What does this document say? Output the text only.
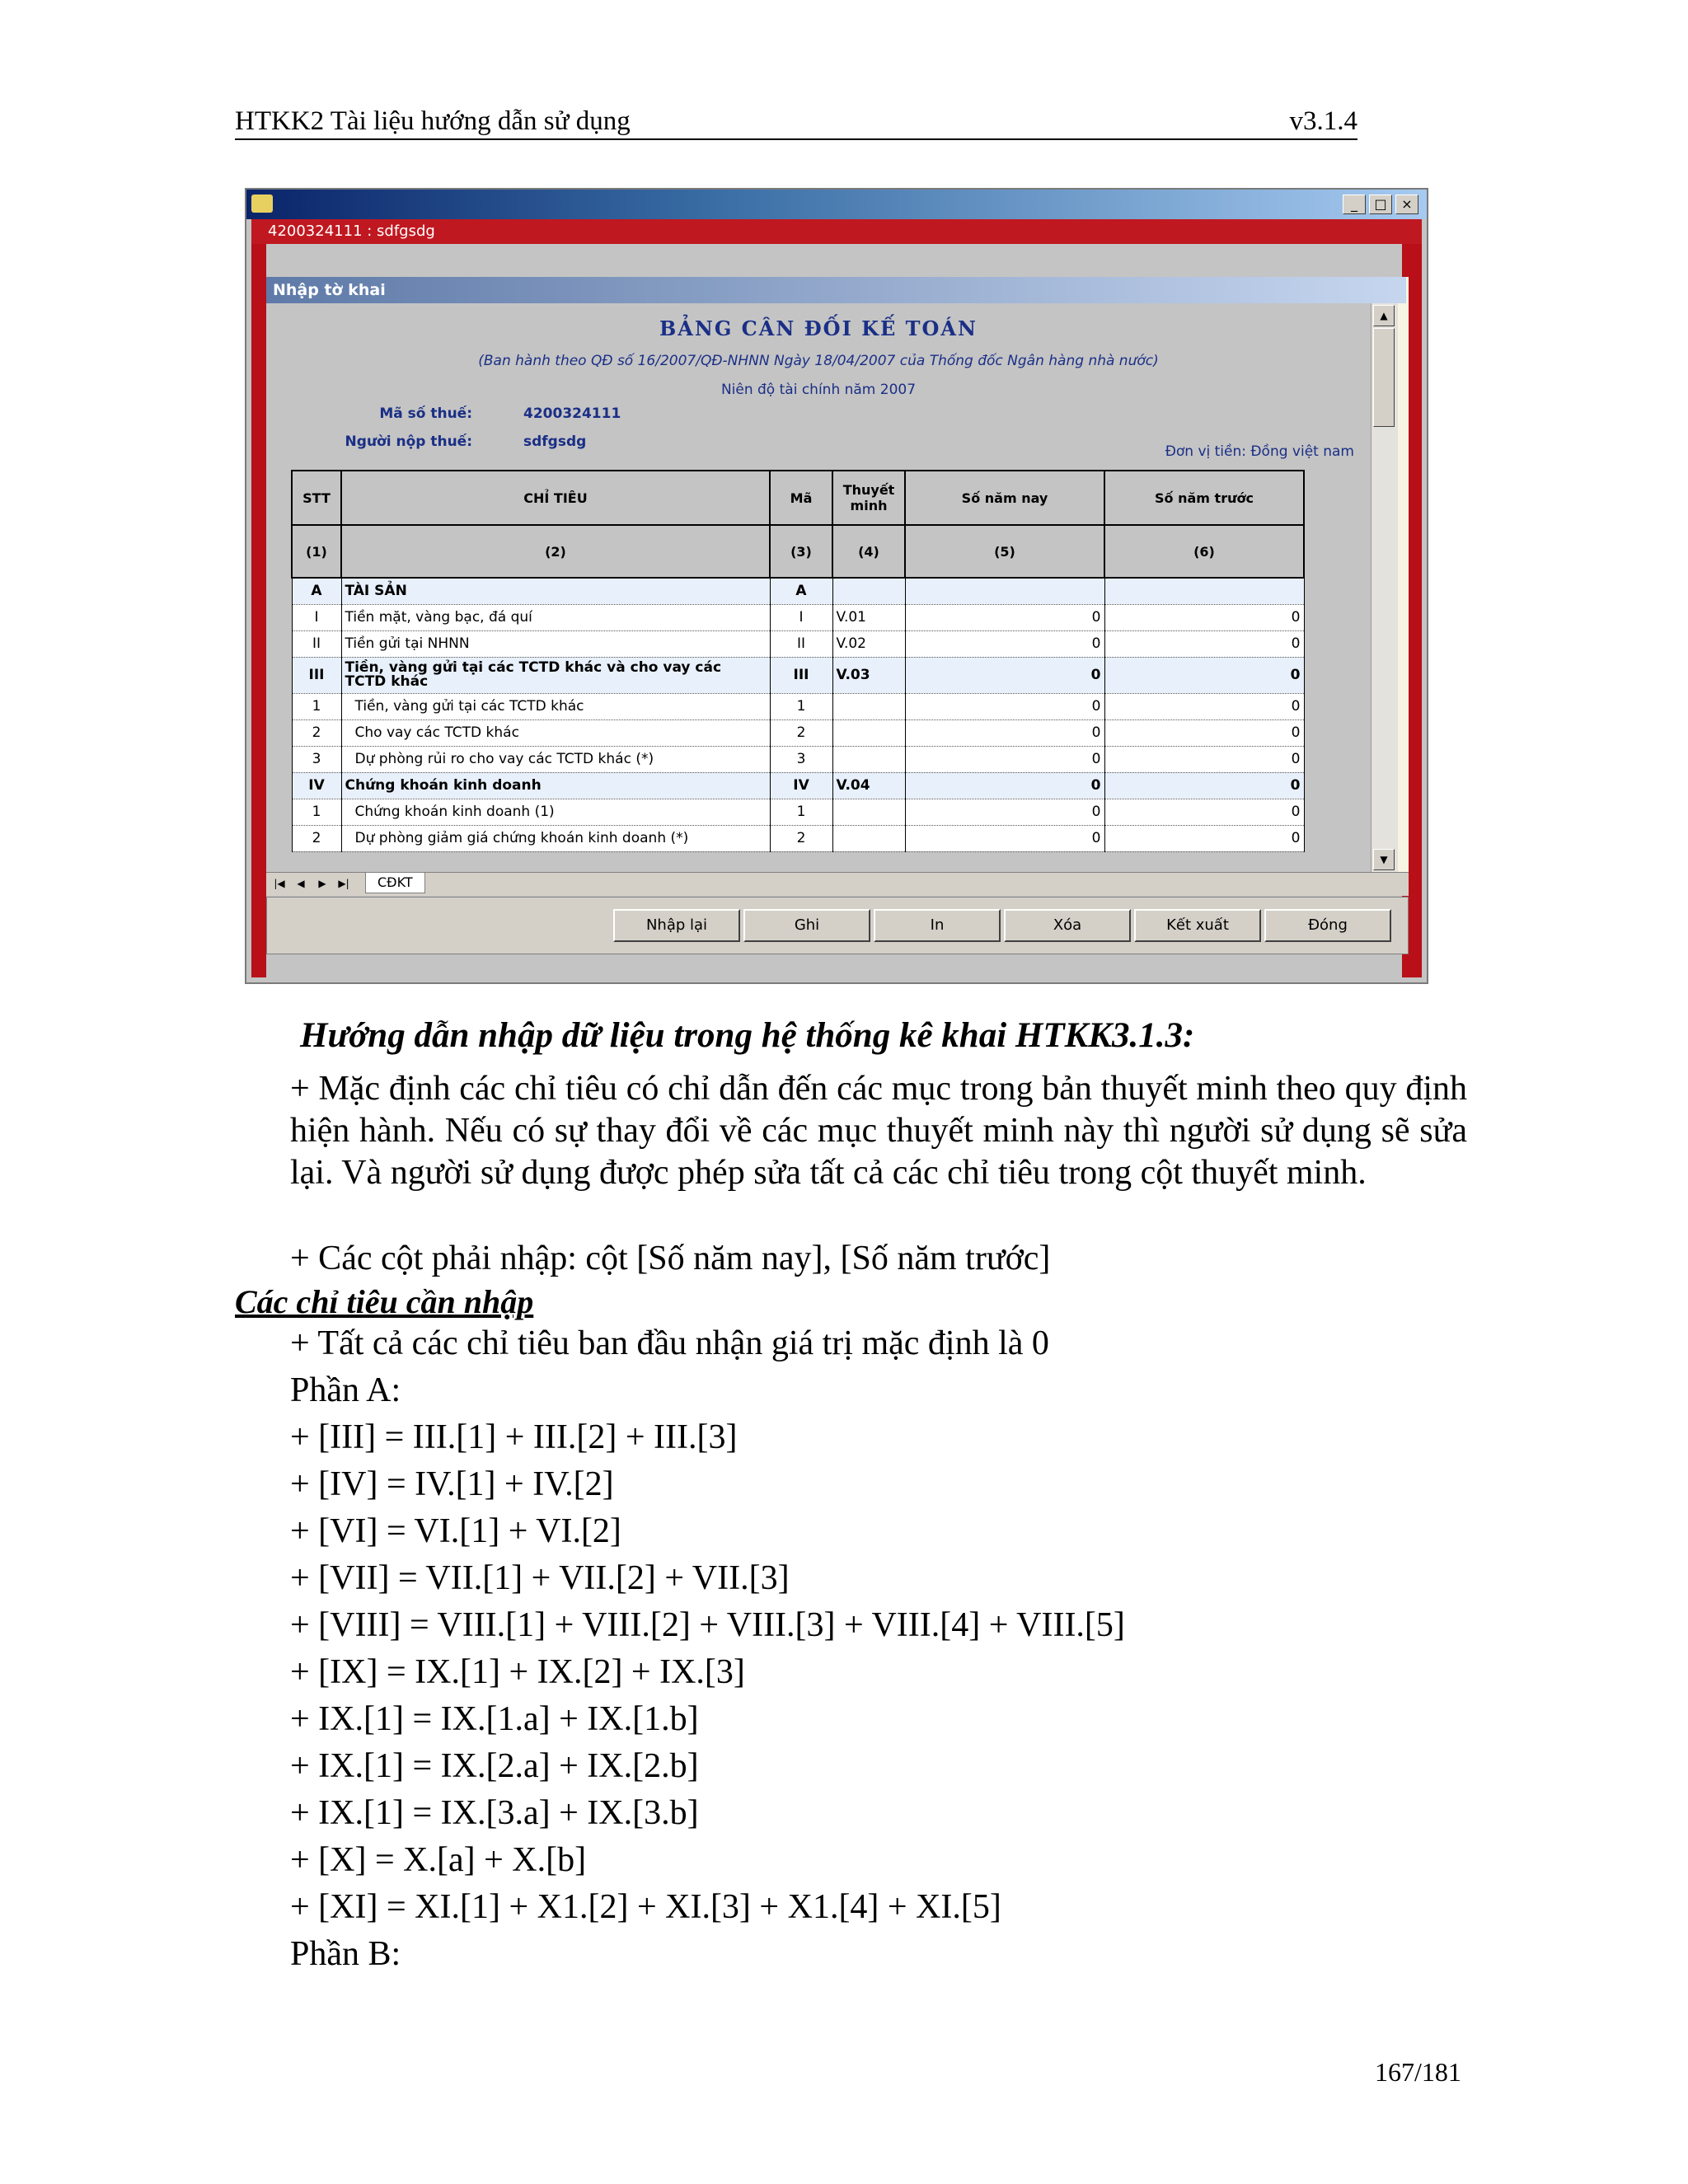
HTKK2 Tài liệu hướng dẫn sử dụng	v3.1.4
_	□	×
4200324111 : sdfgsdg
Nhập tờ khai
BẢNG CÂN ĐỐI KẾ TOÁN
(Ban hành theo QĐ số 16/2007/QĐ-NHNN Ngày 18/04/2007 của Thống đốc Ngân hàng nhà nước)
Niên độ tài chính năm 2007
Mã số thuế:	4200324111
Người nộp thuế:	sdfgsdg
Đơn vị tiền: Đồng việt nam
STT	CHỈ TIÊU	Mã	Thuyết minh	Số năm nay	Số năm trước
(1)	(2)	(3)	(4)	(5)	(6)
A	TÀI SẢN	A			
I	Tiền mặt, vàng bạc, đá quí	I	V.01	0	0
II	Tiền gửi tại NHNN	II	V.02	0	0
III	Tiền, vàng gửi tại các TCTD khác và cho vay các TCTD khác	III	V.03	0	0
1	Tiền, vàng gửi tại các TCTD khác	1		0	0
2	Cho vay các TCTD khác	2		0	0
3	Dự phòng rủi ro cho vay các TCTD khác (*)	3		0	0
IV	Chứng khoán kinh doanh	IV	V.04	0	0
1	Chứng khoán kinh doanh (1)	1		0	0
2	Dự phòng giảm giá chứng khoán kinh doanh (*)	2		0	0
▲
▼
|◀	◀	▶	▶|	CĐKT
Nhập lại	Ghi	In	Xóa	Kết xuất	Đóng
Hướng dẫn nhập dữ liệu trong hệ thống kê khai HTKK3.1.3:
+ Mặc định các chỉ tiêu có chỉ dẫn đến các mục trong bản thuyết minh theo quy định hiện hành. Nếu có sự thay đổi về các mục thuyết minh này thì người sử dụng sẽ sửa lại. Và người sử dụng được phép sửa tất cả các chỉ tiêu trong cột thuyết minh.
+ Các cột phải nhập: cột [Số năm nay], [Số năm trước]
Các chỉ tiêu cần nhập
+ Tất cả các chỉ tiêu ban đầu nhận giá trị mặc định là 0
Phần A:
+ [III] = III.[1] + III.[2] + III.[3]
+ [IV] = IV.[1] + IV.[2]
+ [VI] = VI.[1] + VI.[2]
+ [VII] = VII.[1] + VII.[2] + VII.[3]
+ [VIII] = VIII.[1] + VIII.[2] + VIII.[3] + VIII.[4] + VIII.[5]
+ [IX] = IX.[1] + IX.[2] + IX.[3]
+ IX.[1] = IX.[1.a] + IX.[1.b]
+ IX.[1] = IX.[2.a] + IX.[2.b]
+ IX.[1] = IX.[3.a] + IX.[3.b]
+ [X] = X.[a] + X.[b]
+ [XI] = XI.[1] + X1.[2] + XI.[3] + X1.[4] + XI.[5]
Phần B:
167/181
